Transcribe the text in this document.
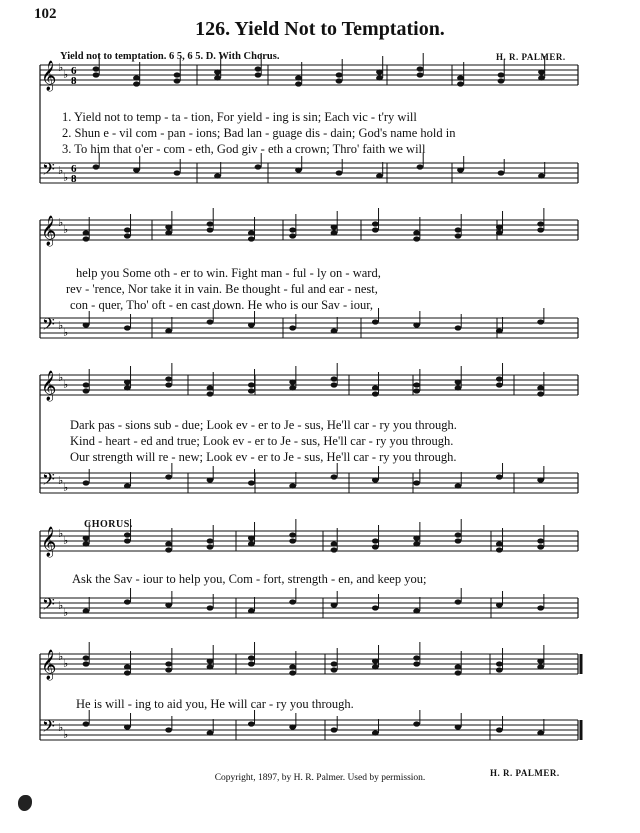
𝄞
𝄢
♭
♭
♭
♭
6
8
6
8
𝄞
𝄢
♭
♭
♭
♭
𝄞
𝄢
♭
♭
♭
♭
𝄞
𝄢
♭
♭
♭
♭
𝄞
𝄢
♭
♭
♭
♭
102
126. Yield Not to Temptation.
Yield not to temptation. 6 5, 6 5. D. With Chorus.	H. R. PALMER.
1. Yield not to temp - ta - tion, For yield - ing is sin; Each vic - t'ry will
2. Shun e - vil com - pan - ions; Bad lan - guage dis - dain; God's name hold in
3. To him that o'er - com - eth, God giv - eth a crown; Thro' faith we will
help you Some oth - er to win. Fight man - ful - ly on - ward,
rev - 'rence, Nor take it in vain. Be thought - ful and ear - nest,
con - quer, Tho' oft - en cast down. He who is our Sav - iour,
Dark pas - sions sub - due; Look ev - er to Je - sus, He'll car - ry you through.
Kind - heart - ed and true; Look ev - er to Je - sus, He'll car - ry you through.
Our strength will re - new; Look ev - er to Je - sus, He'll car - ry you through.
CHORUS.
Ask the Sav - iour to help you, Com - fort, strength - en, and keep you;
He is will - ing to aid you, He will car - ry you through.
H. R. PALMER.
Copyright, 1897, by H. R. Palmer. Used by permission.
